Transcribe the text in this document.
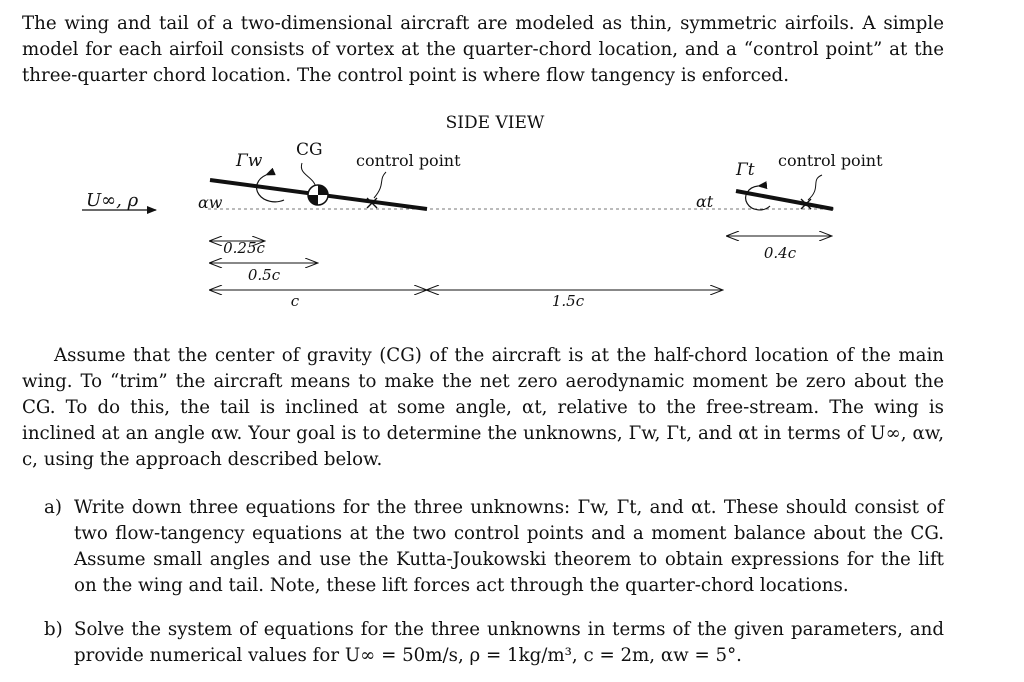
The wing and tail of a two-dimensional aircraft are modeled as thin, symmetric airfoils. A simple model for each airfoil consists of vortex at the quarter-chord location, and a “control point” at the three-quarter chord location. The control point is where flow tangency is enforced.

SIDE VIEW
U∞, ρ	αw
Γw
CG
control point
αt
Γt control point
0.25c
0.5c
c	1.5c
0.4c

Assume that the center of gravity (CG) of the aircraft is at the half-chord location of the main wing. To “trim” the aircraft means to make the net zero aerodynamic moment be zero about the CG. To do this, the tail is inclined at some angle, αt, relative to the free-stream. The wing is inclined at an angle αw. Your goal is to determine the unknowns, Γw, Γt, and αt in terms of U∞, αw, c, using the approach described below.

a) Write down three equations for the three unknowns: Γw, Γt, and αt. These should consist of two flow-tangency equations at the two control points and a moment balance about the CG. Assume small angles and use the Kutta-Joukowski theorem to obtain expressions for the lift on the wing and tail. Note, these lift forces act through the quarter-chord locations.
b) Solve the system of equations for the three unknowns in terms of the given parameters, and provide numerical values for U∞ = 50m/s, ρ = 1kg/m³, c = 2m, αw = 5°.
